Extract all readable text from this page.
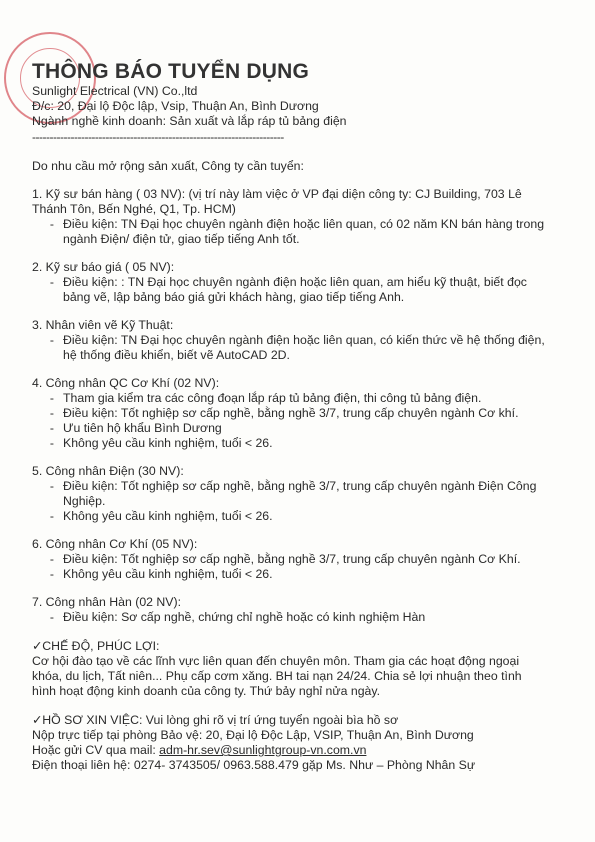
THÔNG BÁO TUYỂN DỤNG
Sunlight Electrical (VN) Co.,ltd
Đ/c: 20, Đại lộ Độc lập, Vsip, Thuận An, Bình Dương
Ngành nghề kinh doanh: Sản xuất và lắp ráp tủ bảng điện
------------------------------------------------------------------------
Do nhu cầu mở rộng sản xuất, Công ty cần tuyển:
1. Kỹ sư bán hàng ( 03 NV): (vị trí này làm việc ở VP đại diện công ty: CJ Building, 703 Lê
Thánh Tôn, Bến Nghé, Q1, Tp. HCM)
- Điều kiện: TN Đại học chuyên ngành điện hoặc liên quan, có 02 năm KN bán hàng trong
ngành Điện/ điện tử, giao tiếp tiếng Anh tốt.
2. Kỹ sư báo giá ( 05 NV):
- Điều kiện: : TN Đại học chuyên ngành điện hoặc liên quan, am hiểu kỹ thuật, biết đọc
bảng vẽ, lập bảng báo giá gửi khách hàng, giao tiếp tiếng Anh.
3. Nhân viên vẽ Kỹ Thuật:
- Điều kiện: TN Đại học chuyên ngành điện hoặc liên quan, có kiến thức về hệ thống điện,
hệ thống điều khiển, biết vẽ AutoCAD 2D.
4. Công nhân QC Cơ Khí (02 NV):
- Tham gia kiểm tra các công đoạn lắp ráp tủ bảng điện, thi công tủ bảng điện.
- Điều kiện: Tốt nghiệp sơ cấp nghề, bằng nghề 3/7, trung cấp chuyên ngành Cơ khí.
- Ưu tiên hộ khẩu Bình Dương
- Không yêu cầu kinh nghiệm, tuổi < 26.
5. Công nhân Điện (30 NV):
- Điều kiện: Tốt nghiệp sơ cấp nghề, bằng nghề 3/7, trung cấp chuyên ngành Điện Công
Nghiệp.
- Không yêu cầu kinh nghiệm, tuổi < 26.
6. Công nhân Cơ Khí (05 NV):
- Điều kiện: Tốt nghiệp sơ cấp nghề, bằng nghề 3/7, trung cấp chuyên ngành Cơ Khí.
- Không yêu cầu kinh nghiệm, tuổi < 26.
7. Công nhân Hàn (02 NV):
- Điều kiện: Sơ cấp nghề, chứng chỉ nghề hoặc có kinh nghiệm Hàn
✓CHẾ ĐỘ, PHÚC LỢI:
Cơ hội đào tạo về các lĩnh vực liên quan đến chuyên môn. Tham gia các hoạt động ngoại
khóa, du lịch, Tất niên... Phụ cấp cơm xăng. BH tai nạn 24/24. Chia sẻ lợi nhuận theo tình
hình hoạt động kinh doanh của công ty. Thứ bảy nghỉ nửa ngày.
✓HỒ SƠ XIN VIỆC: Vui lòng ghi rõ vị trí ứng tuyển ngoài bìa hồ sơ
Nộp trực tiếp tại phòng Bảo vệ: 20, Đại lộ Độc Lập, VSIP, Thuận An, Bình Dương
Hoặc gửi CV qua mail: adm-hr.sev@sunlightgroup-vn.com.vn
Điện thoại liên hệ: 0274- 3743505/ 0963.588.479 gặp Ms. Như – Phòng Nhân Sự
